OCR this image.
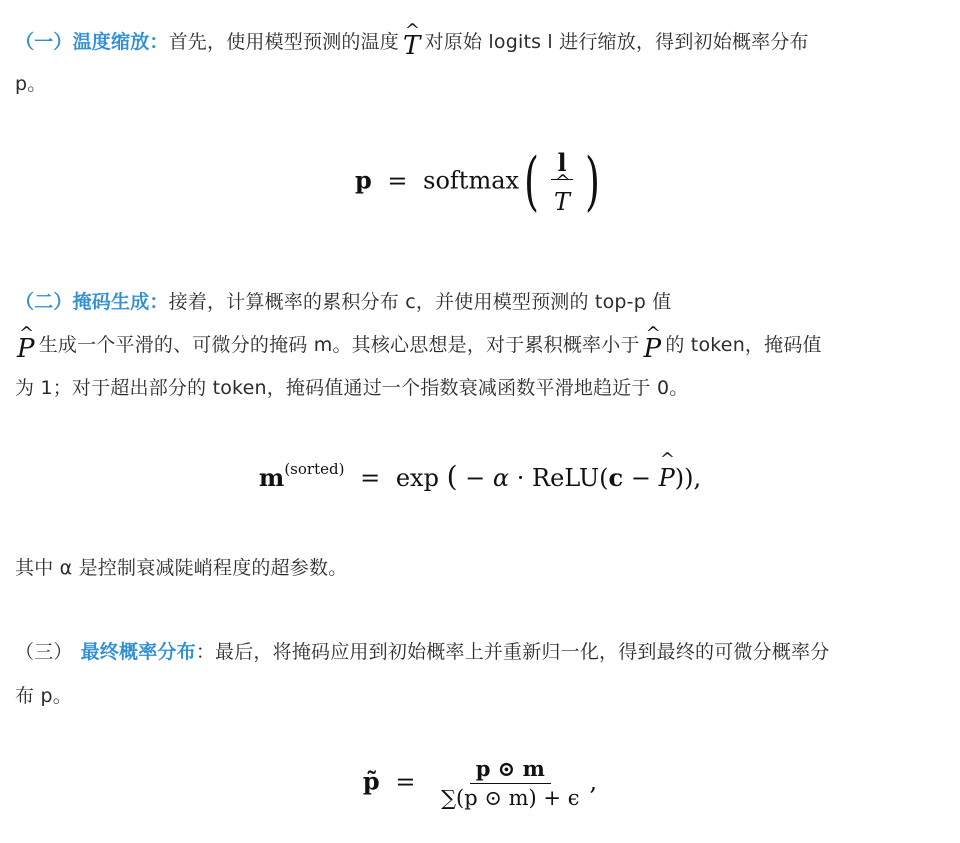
（一）温度缩放：首先，使用模型预测的温度 ^ T 对原始 logits l 进行缩放，得到初始概率分布
p。
p = softmax( l
^ T )
（二）掩码生成：接着，计算概率的累积分布 c，并使用模型预测的 top-p 值
^ P 生成一个平滑的、可微分的掩码 m。其核心思想是，对于累积概率小于 ^ P 的 token，掩码值
为 1；对于超出部分的 token，掩码值通过一个指数衰减函数平滑地趋近于 0。
$m^{(sorted)} = \exp$ ( − α · ReLU(c − ^ P)),
其中 α 是控制衰减陡峭程度的超参数。
（三） 最终概率分布：最后，将掩码应用到初始概率上并重新归一化，得到最终的可微分概率分
布 p。
p̃ = $\frac{p ⊙ m}{\sum(p ⊙ m) + \epsilon}$ ,
